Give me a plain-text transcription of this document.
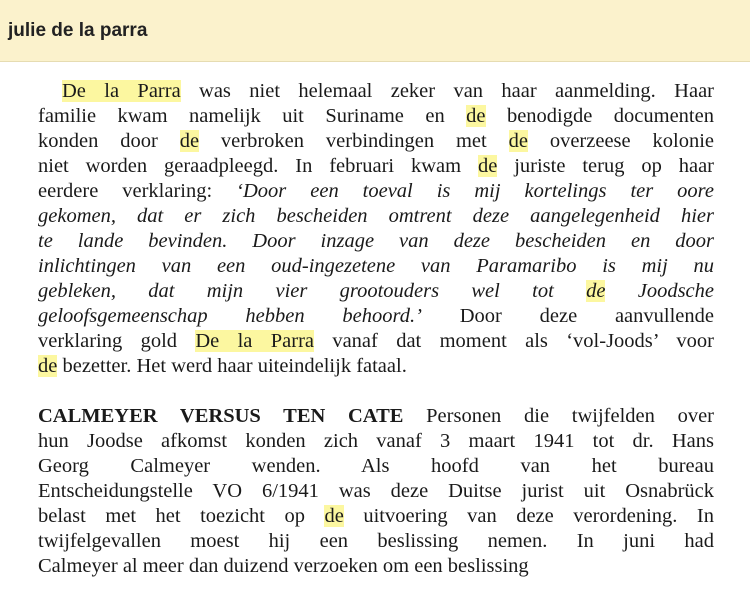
julie de la parra
De la Parra was niet helemaal zeker van haar aanmelding. Haar
familie kwam namelijk uit Suriname en de benodigde documenten
konden door de verbroken verbindingen met de overzeese kolonie
niet worden geraadpleegd. In februari kwam de juriste terug op haar
eerdere verklaring: ‘Door een toeval is mij kortelings ter oore
gekomen, dat er zich bescheiden omtrent deze aangelegenheid hier
te lande bevinden. Door inzage van deze bescheiden en door
inlichtingen van een oud-ingezetene van Paramaribo is mij nu
gebleken, dat mijn vier grootouders wel tot de Joodsche
geloofsgemeenschap hebben behoord.’ Door deze aanvullende
verklaring gold De la Parra vanaf dat moment als ‘vol-Joods’ voor
de bezetter. Het werd haar uiteindelijk fataal.
CALMEYER VERSUS TEN CATE Personen die twijfelden over
hun Joodse afkomst konden zich vanaf 3 maart 1941 tot dr. Hans
Georg Calmeyer wenden. Als hoofd van het bureau
Entscheidungstelle VO 6/1941 was deze Duitse jurist uit Osnabrück
belast met het toezicht op de uitvoering van deze verordening. In
twijfelgevallen moest hij een beslissing nemen. In juni had
Calmeyer al meer dan duizend verzoeken om een beslissing
